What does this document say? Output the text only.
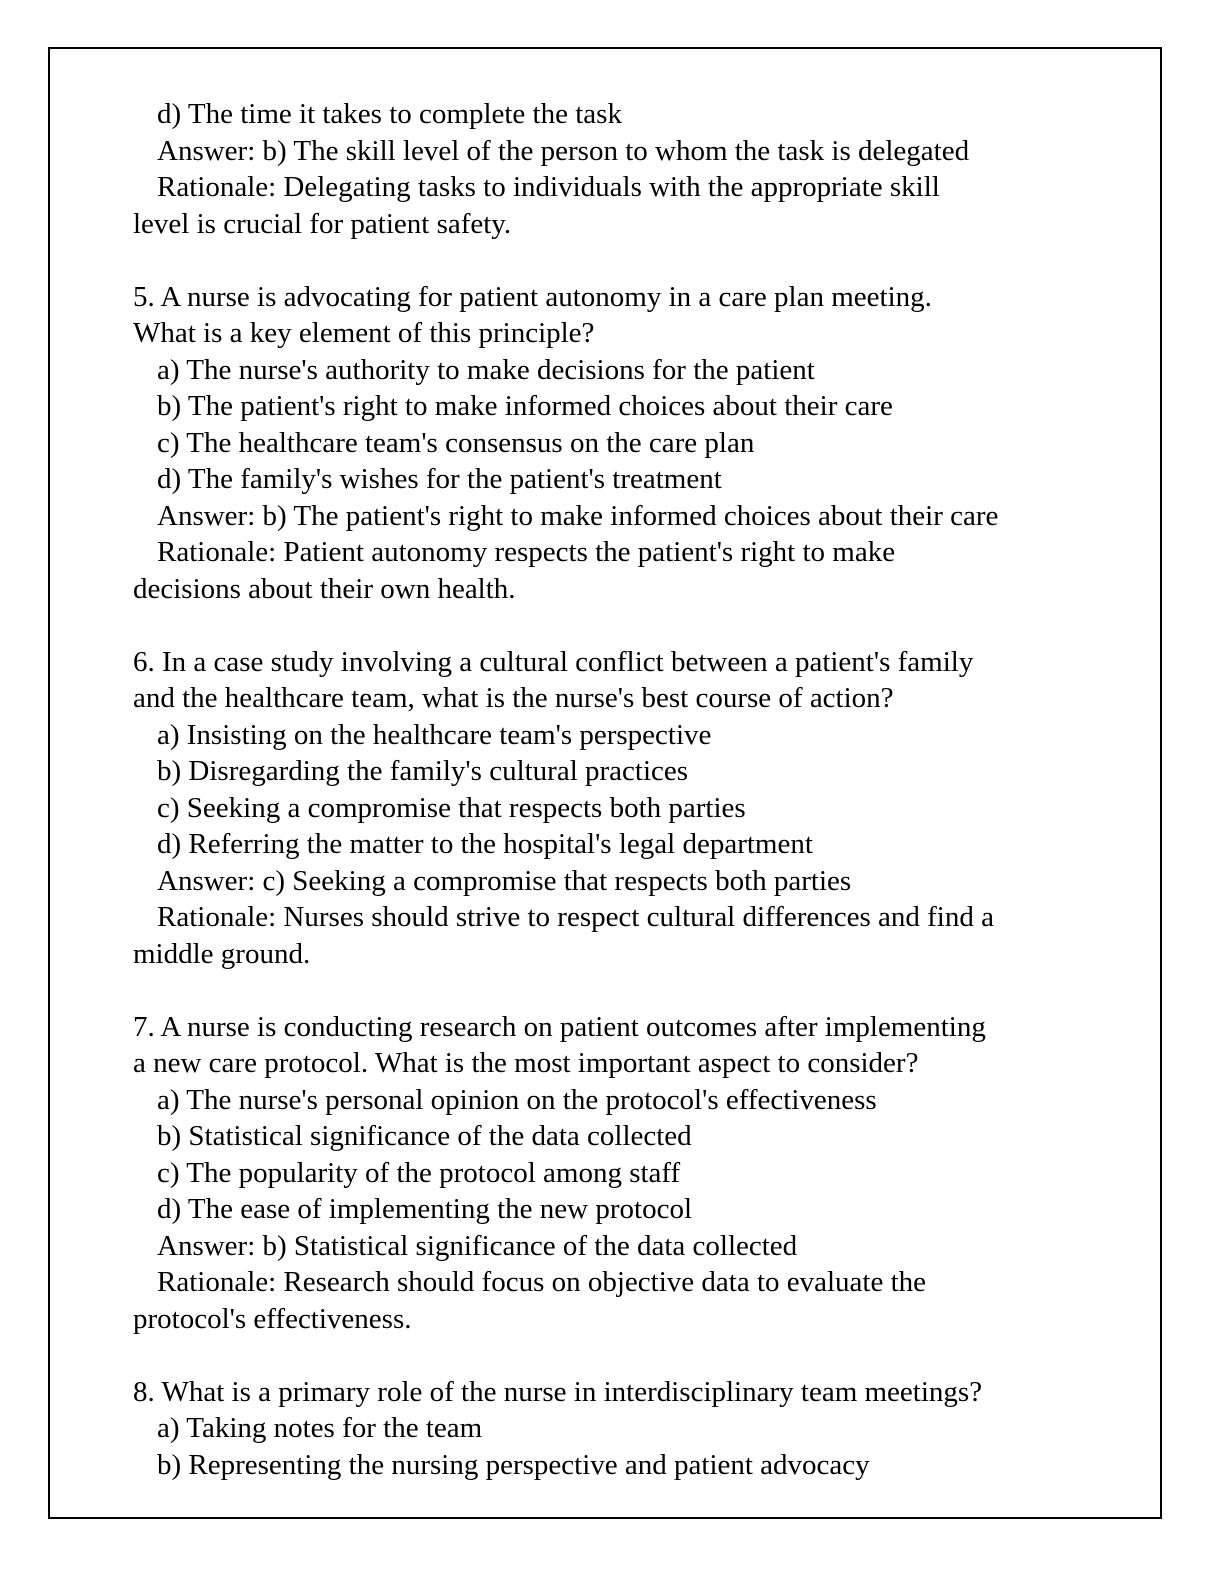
d) The time it takes to complete the task
Answer: b) The skill level of the person to whom the task is delegated
Rationale: Delegating tasks to individuals with the appropriate skill
level is crucial for patient safety.
5. A nurse is advocating for patient autonomy in a care plan meeting.
What is a key element of this principle?
a) The nurse's authority to make decisions for the patient
b) The patient's right to make informed choices about their care
c) The healthcare team's consensus on the care plan
d) The family's wishes for the patient's treatment
Answer: b) The patient's right to make informed choices about their care
Rationale: Patient autonomy respects the patient's right to make
decisions about their own health.
6. In a case study involving a cultural conflict between a patient's family
and the healthcare team, what is the nurse's best course of action?
a) Insisting on the healthcare team's perspective
b) Disregarding the family's cultural practices
c) Seeking a compromise that respects both parties
d) Referring the matter to the hospital's legal department
Answer: c) Seeking a compromise that respects both parties
Rationale: Nurses should strive to respect cultural differences and find a
middle ground.
7. A nurse is conducting research on patient outcomes after implementing
a new care protocol. What is the most important aspect to consider?
a) The nurse's personal opinion on the protocol's effectiveness
b) Statistical significance of the data collected
c) The popularity of the protocol among staff
d) The ease of implementing the new protocol
Answer: b) Statistical significance of the data collected
Rationale: Research should focus on objective data to evaluate the
protocol's effectiveness.
8. What is a primary role of the nurse in interdisciplinary team meetings?
a) Taking notes for the team
b) Representing the nursing perspective and patient advocacy
